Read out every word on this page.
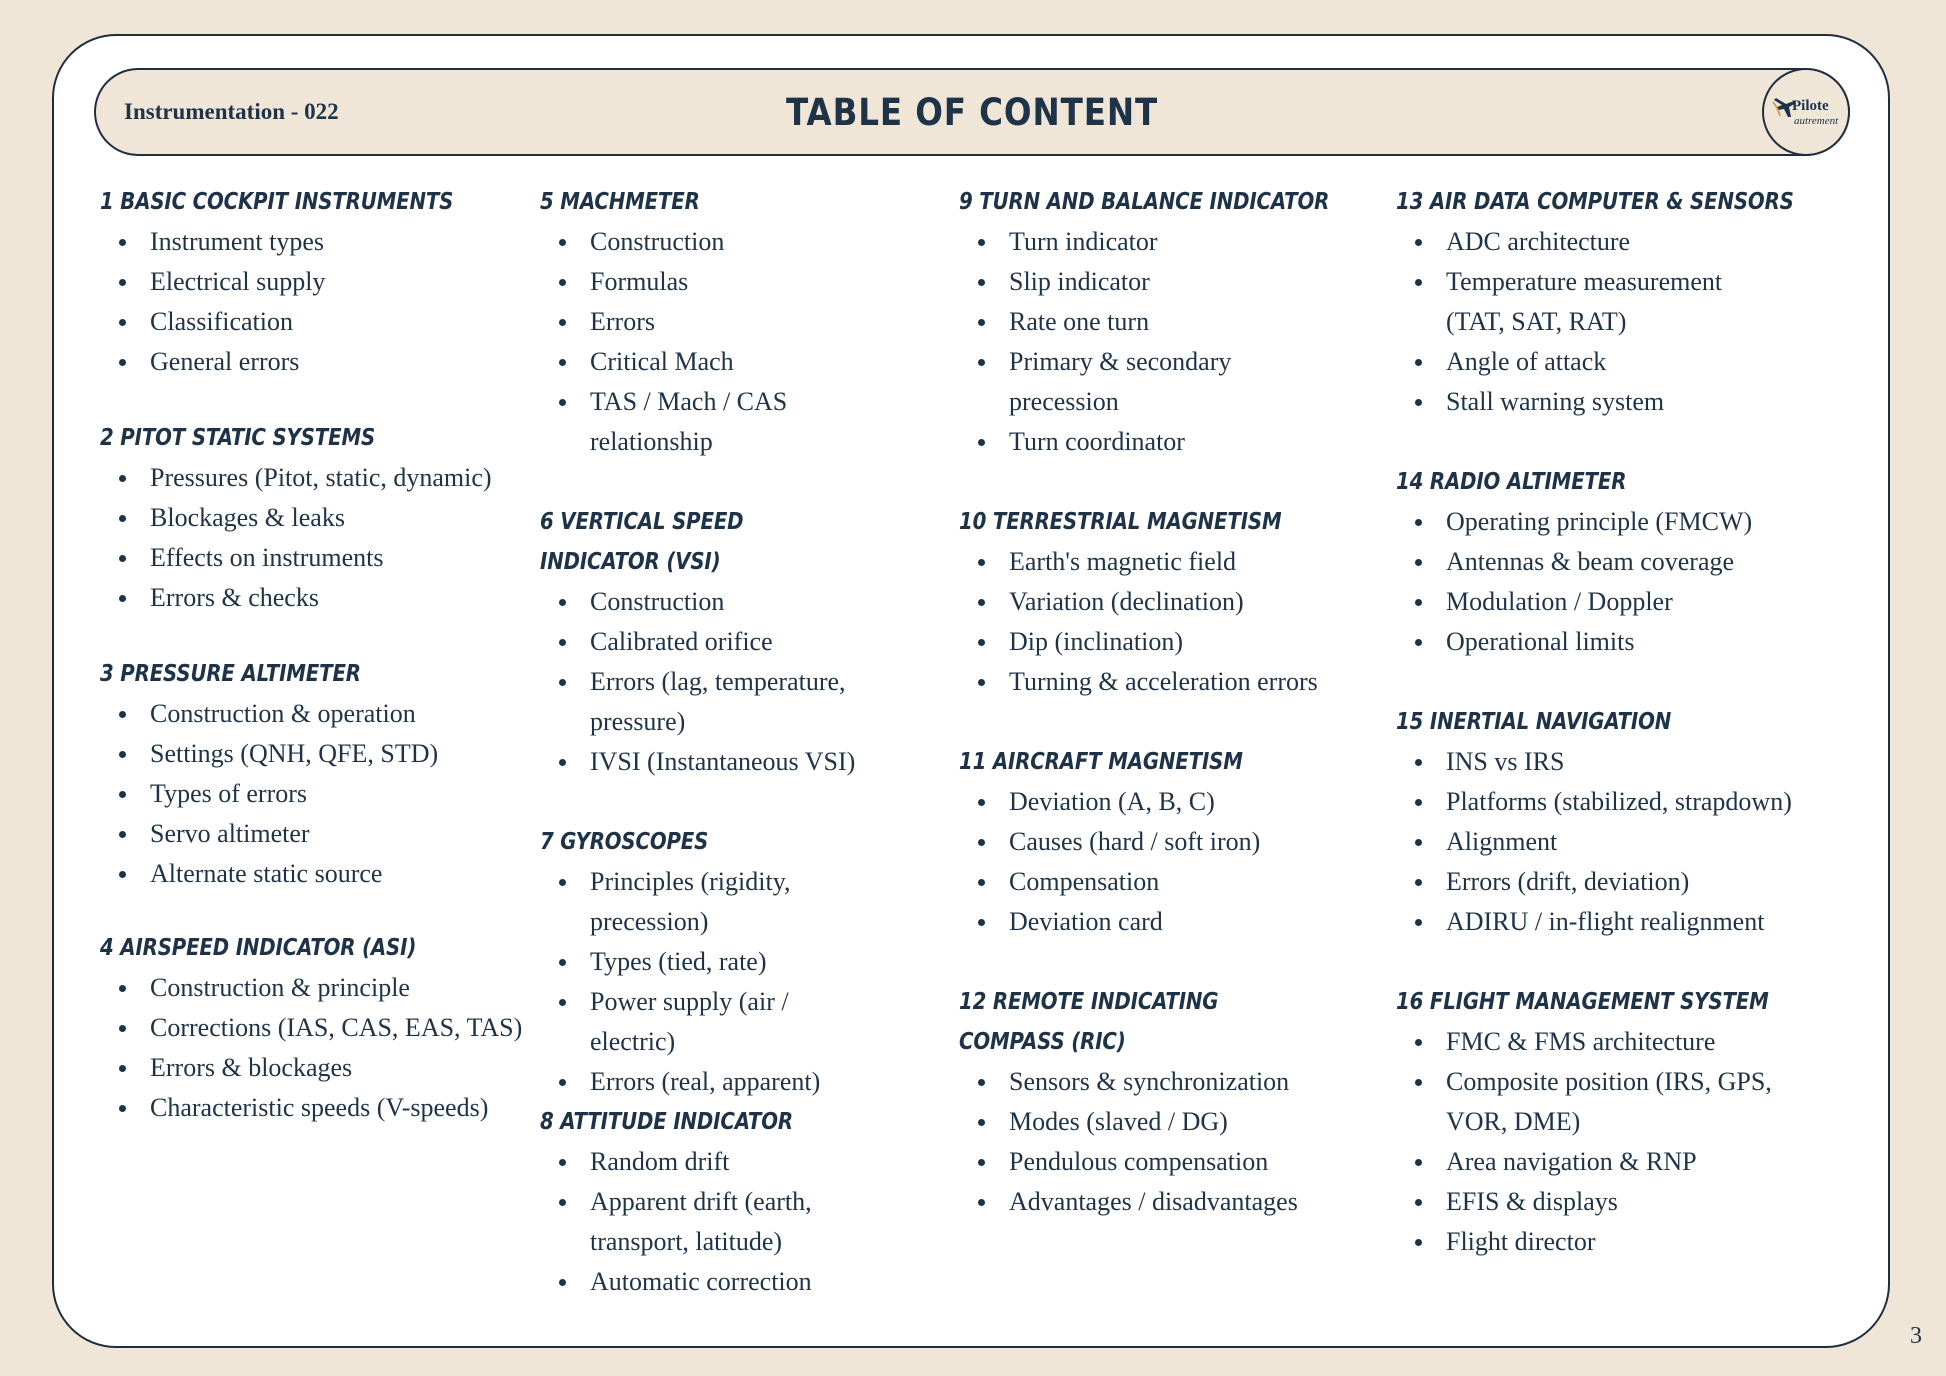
Instrumentation - 022	TABLE OF CONTENT	Pilote
autrement
1 BASIC COCKPIT INSTRUMENTS
Instrument types
Electrical supply
Classification
General errors
2 PITOT STATIC SYSTEMS
Pressures (Pitot, static, dynamic)
Blockages & leaks
Effects on instruments
Errors & checks
3 PRESSURE ALTIMETER
Construction & operation
Settings (QNH, QFE, STD)
Types of errors
Servo altimeter
Alternate static source
4 AIRSPEED INDICATOR (ASI)
Construction & principle
Corrections (IAS, CAS, EAS, TAS)
Errors & blockages
Characteristic speeds (V-speeds)
5 MACHMETER
Construction
Formulas
Errors
Critical Mach
TAS / Mach / CAS relationship
6 VERTICAL SPEED INDICATOR (VSI)
Construction
Calibrated orifice
Errors (lag, temperature, pressure)
IVSI (Instantaneous VSI)
7 GYROSCOPES
Principles (rigidity, precession)
Types (tied, rate)
Power supply (air / electric)
Errors (real, apparent)
8 ATTITUDE INDICATOR
Random drift
Apparent drift (earth, transport, latitude)
Automatic correction
9 TURN AND BALANCE INDICATOR
Turn indicator
Slip indicator
Rate one turn
Primary & secondary precession
Turn coordinator
10 TERRESTRIAL MAGNETISM
Earth's magnetic field
Variation (declination)
Dip (inclination)
Turning & acceleration errors
11 AIRCRAFT MAGNETISM
Deviation (A, B, C)
Causes (hard / soft iron)
Compensation
Deviation card
12 REMOTE INDICATING COMPASS (RIC)
Sensors & synchronization
Modes (slaved / DG)
Pendulous compensation
Advantages / disadvantages
13 AIR DATA COMPUTER & SENSORS
ADC architecture
Temperature measurement (TAT, SAT, RAT)
Angle of attack
Stall warning system
14 RADIO ALTIMETER
Operating principle (FMCW)
Antennas & beam coverage
Modulation / Doppler
Operational limits
15 INERTIAL NAVIGATION
INS vs IRS
Platforms (stabilized, strapdown)
Alignment
Errors (drift, deviation)
ADIRU / in-flight realignment
16 FLIGHT MANAGEMENT SYSTEM
FMC & FMS architecture
Composite position (IRS, GPS, VOR, DME)
Area navigation & RNP
EFIS & displays
Flight director
3
